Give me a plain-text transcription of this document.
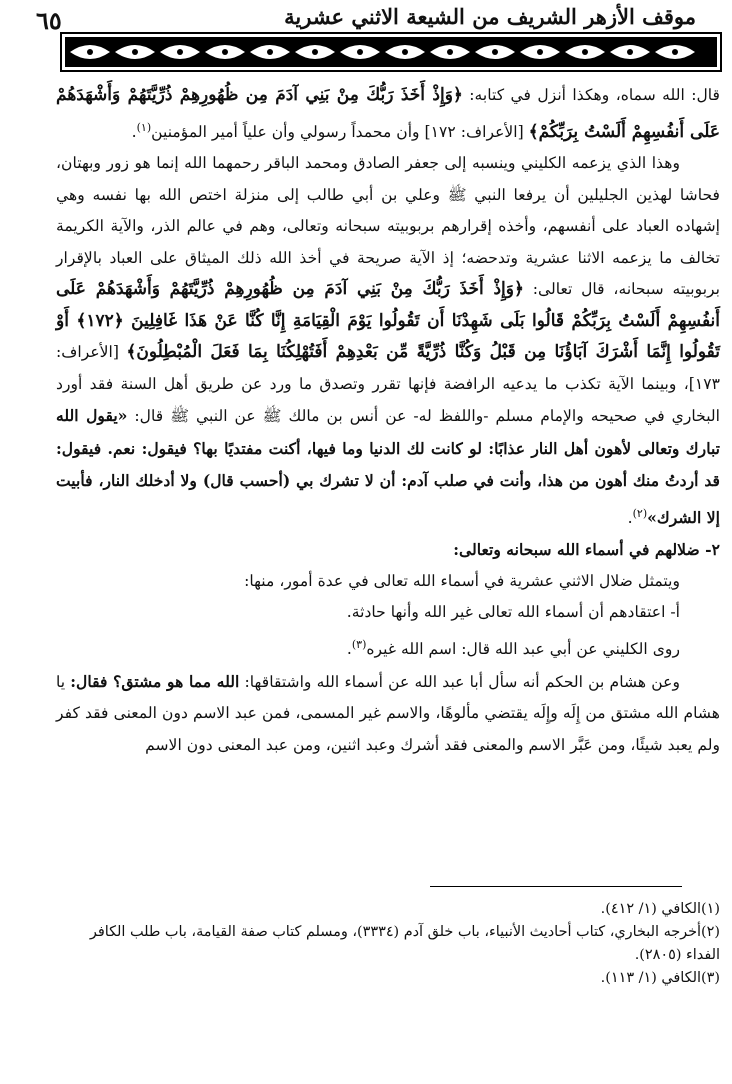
٦٥	موقف الأزهر الشريف من الشيعة الاثني عشرية

قال: الله سماه، وهكذا أنزل في كتابه: ﴿وَإِذْ أَخَذَ رَبُّكَ مِنْ بَنِي آدَمَ مِن ظُهُورِهِمْ ذُرِّيَّتَهُمْ وَأَشْهَدَهُمْ عَلَى أَنفُسِهِمْ أَلَسْتُ بِرَبِّكُمْ﴾ [الأعراف: ١٧٢] وأن محمداً رسولي وأن علياً أمير المؤمنين$^{(١)}$.

وهذا الذي يزعمه الكليني وينسبه إلى جعفر الصادق ومحمد الباقر رحمهما الله إنما هو زور وبهتان، فحاشا لهذين الجليلين أن يرفعا النبي ﷺ وعلي بن أبي طالب إلى منزلة اختص الله بها نفسه وهي إشهاده العباد على أنفسهم، وأخذه إقرارهم بربوبيته سبحانه وتعالى، وهم في عالم الذر، والآية الكريمة تخالف ما يزعمه الاثنا عشرية وتدحضه؛ إذ الآية صريحة في أخذ الله ذلك الميثاق على العباد بالإقرار بربوبيته سبحانه، قال تعالى: ﴿وَإِذْ أَخَذَ رَبُّكَ مِنْ بَنِي آدَمَ مِن ظُهُورِهِمْ ذُرِّيَّتَهُمْ وَأَشْهَدَهُمْ عَلَى أَنفُسِهِمْ أَلَسْتُ بِرَبِّكُمْ قَالُوا بَلَى شَهِدْنَا أَن تَقُولُوا يَوْمَ الْقِيَامَةِ إِنَّا كُنَّا عَنْ هَذَا غَافِلِينَ ﴿١٧٢﴾ أَوْ تَقُولُوا إِنَّمَا أَشْرَكَ آبَاؤُنَا مِن قَبْلُ وَكُنَّا ذُرِّيَّةً مِّن بَعْدِهِمْ أَفَتُهْلِكُنَا بِمَا فَعَلَ الْمُبْطِلُونَ﴾ [الأعراف: ١٧٣]، وبينما الآية تكذب ما يدعيه الرافضة فإنها تقرر وتصدق ما ورد عن طريق أهل السنة فقد أورد البخاري في صحيحه والإمام مسلم -واللفظ له- عن أنس بن مالك ﷺ عن النبي ﷺ قال: «يقول الله تبارك وتعالى لأهون أهل النار عذابًا: لو كانت لك الدنيا وما فيها، أكنت مفتديًا بها؟ فيقول: نعم. فيقول: قد أردتُ منك أهون من هذا، وأنت في صلب آدم: أن لا تشرك بي (أحسب قال) ولا أدخلك النار، فأبيت إلا الشرك»$^{(٢)}$.

٢- ضلالهم في أسماء الله سبحانه وتعالى:

ويتمثل ضلال الاثني عشرية في أسماء الله تعالى في عدة أمور، منها:

أ- اعتقادهم أن أسماء الله تعالى غير الله وأنها حادثة.

روى الكليني عن أبي عبد الله قال: اسم الله غيره$^{(٣)}$.

وعن هشام بن الحكم أنه سأل أبا عبد الله عن أسماء الله واشتقاقها: الله مما هو مشتق؟ فقال: يا هشام الله مشتق من إِلَه وإِلَه يقتضي مألوهًا، والاسم غير المسمى، فمن عبد الاسم دون المعنى فقد كفر ولم يعبد شيئًا، ومن عَبَّر الاسم والمعنى فقد أشرك وعبد اثنين، ومن عبد المعنى دون الاسم

(١)الكافي (١/ ٤١٢).

(٢)أخرجه البخاري، كتاب أحاديث الأنبياء، باب خلق آدم (٣٣٣٤)، ومسلم كتاب صفة القيامة، باب طلب الكافر الفداء (٢٨٠٥).

(٣)الكافي (١/ ١١٣).
